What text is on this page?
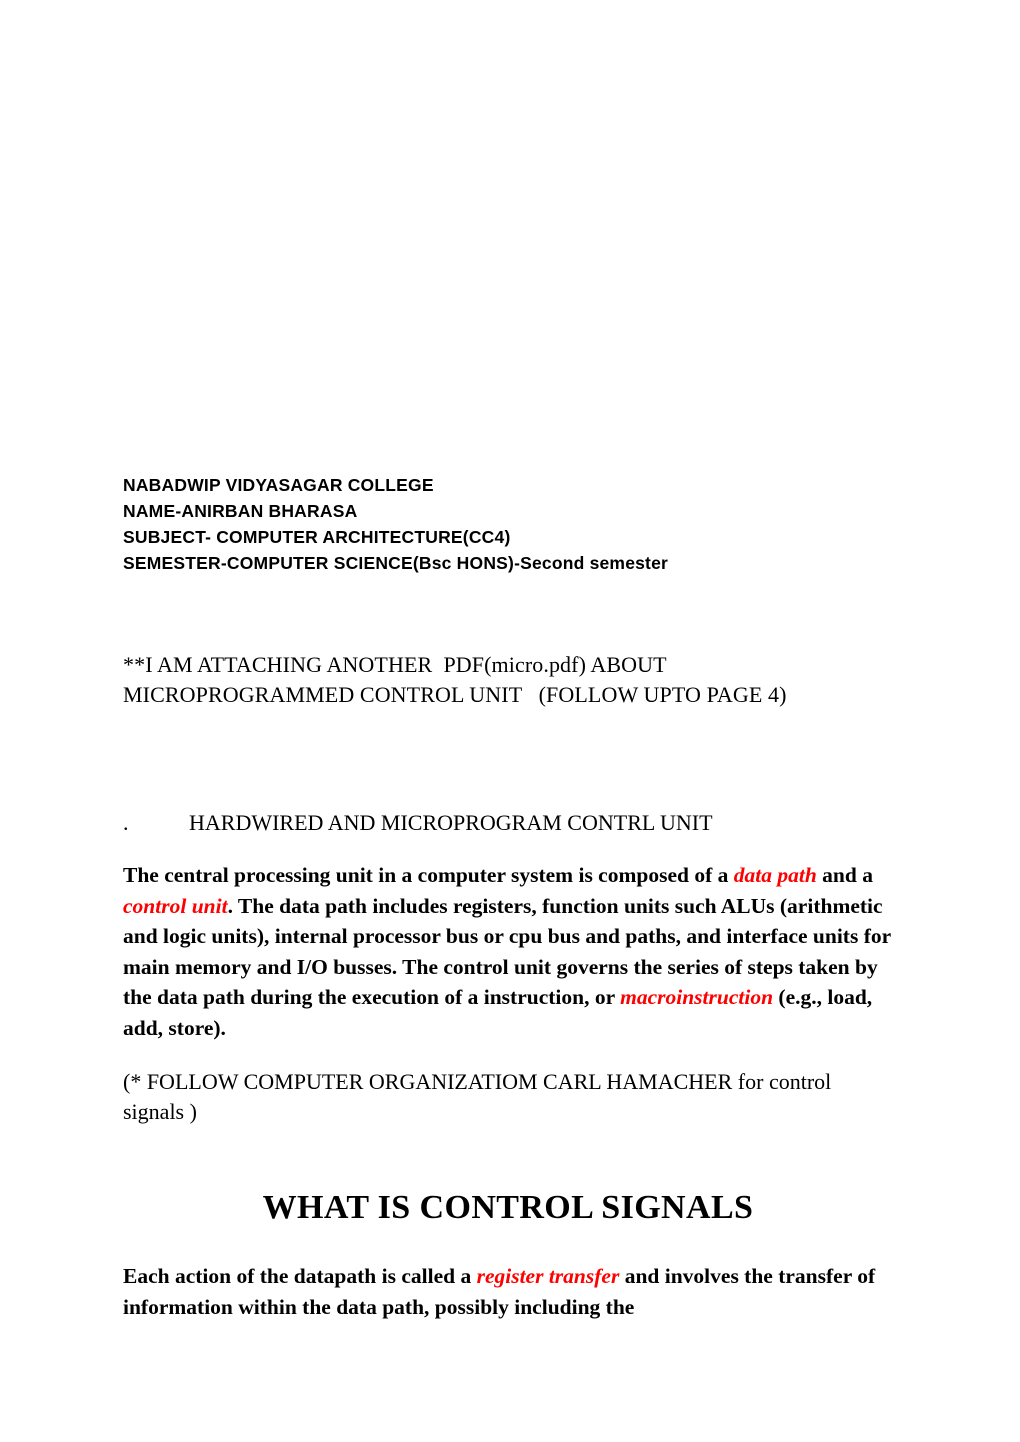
NABADWIP VIDYASAGAR COLLEGE
NAME-ANIRBAN BHARASA
SUBJECT- COMPUTER ARCHITECTURE(CC4)
SEMESTER-COMPUTER SCIENCE(Bsc HONS)-Second semester
**I AM ATTACHING ANOTHER  PDF(micro.pdf) ABOUT
MICROPROGRAMMED CONTROL UNIT   (FOLLOW UPTO PAGE 4)
.           HARDWIRED AND MICROPROGRAM CONTRL UNIT

The central processing unit in a computer system is composed of a data path and a control unit. The data path includes registers, function units such ALUs (arithmetic and logic units), internal processor bus or cpu bus and paths, and interface units for main memory and I/O busses. The control unit governs the series of steps taken by the data path during the execution of a instruction, or macroinstruction (e.g., load, add, store).

(* FOLLOW COMPUTER ORGANIZATIOM CARL HAMACHER for control signals )

WHAT IS CONTROL SIGNALS

Each action of the datapath is called a register transfer and involves the transfer of information within the data path, possibly including the
